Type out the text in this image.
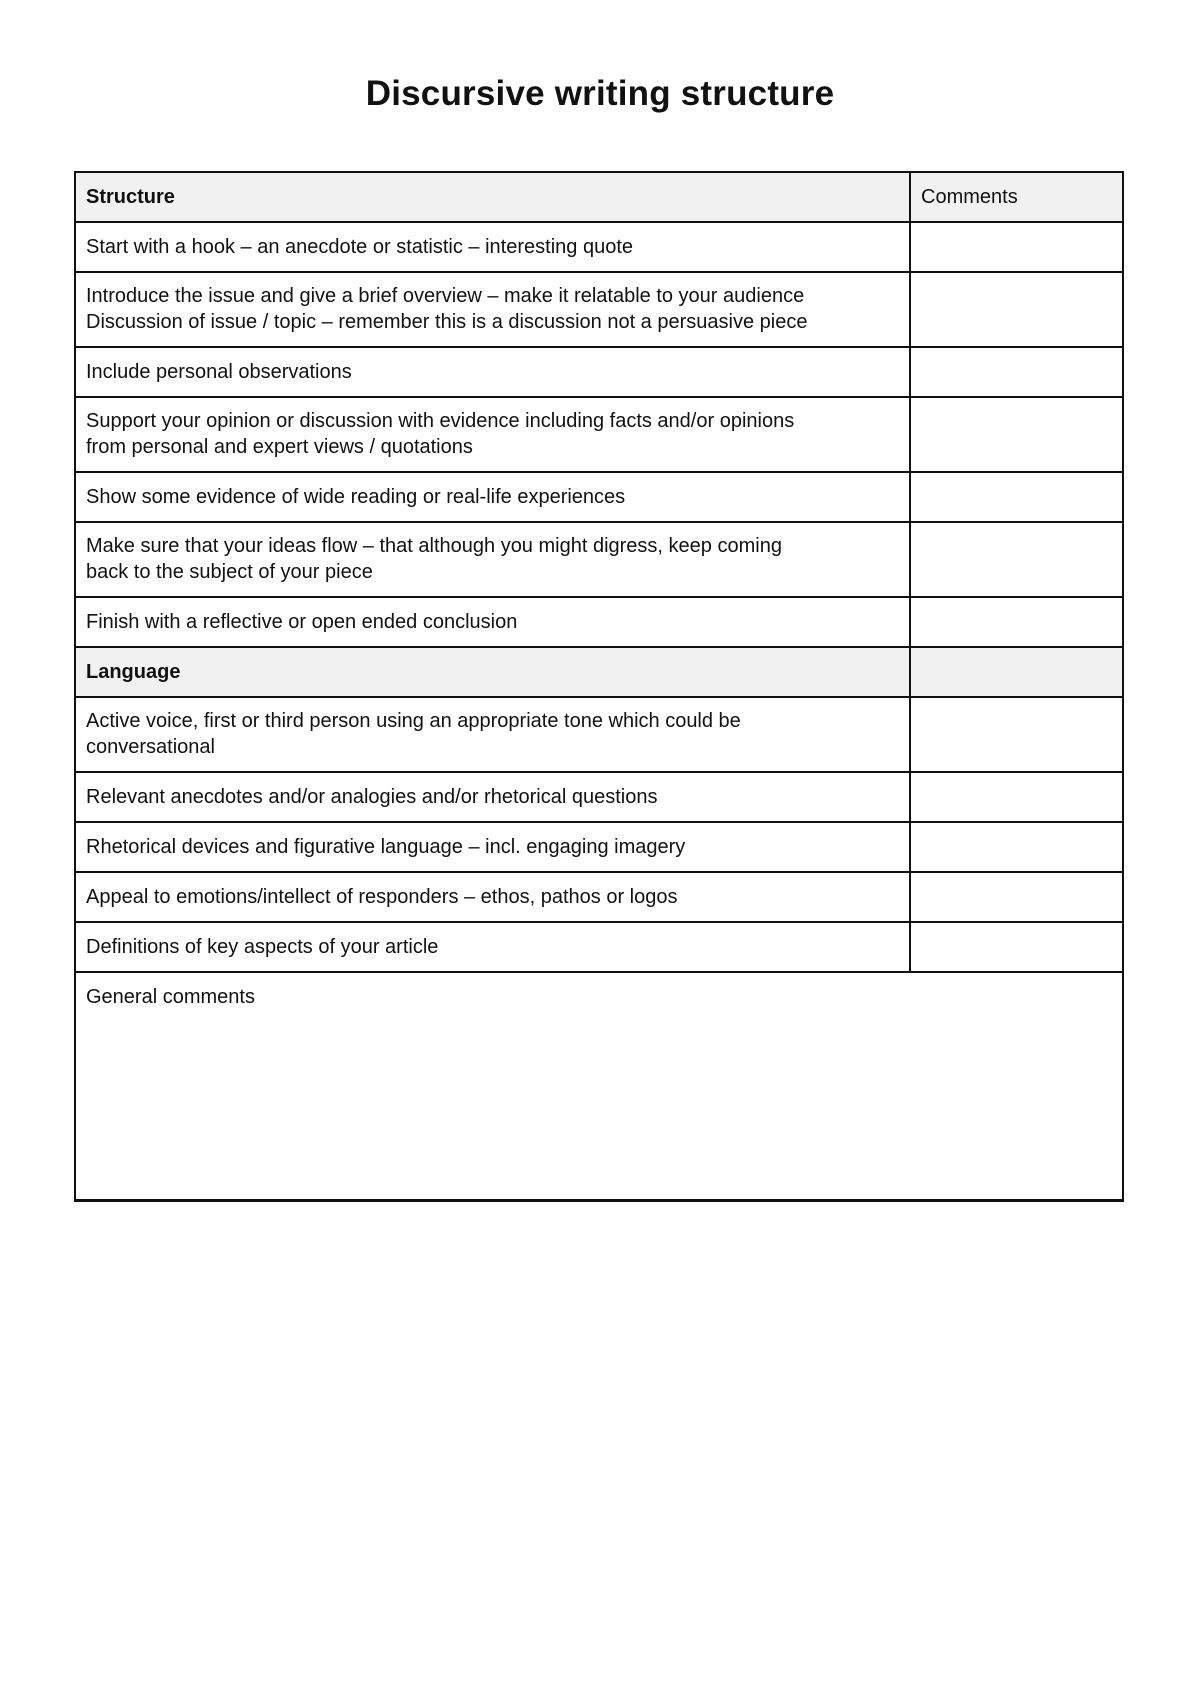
Discursive writing structure
Structure	Comments

Start with a hook – an anecdote or statistic – interesting quote	

Introduce the issue and give a brief overview – make it relatable to your audience
Discussion of issue / topic – remember this is a discussion not a persuasive piece	

Include personal observations	

Support your opinion or discussion with evidence including facts and/or opinions
from personal and expert views / quotations	

Show some evidence of wide reading or real-life experiences	

Make sure that your ideas flow – that although you might digress, keep coming
back to the subject of your piece	

Finish with a reflective or open ended conclusion	

Language	

Active voice, first or third person using an appropriate tone which could be
conversational	

Relevant anecdotes and/or analogies and/or rhetorical questions	

Rhetorical devices and figurative language – incl. engaging imagery	

Appeal to emotions/intellect of responders – ethos, pathos or logos	

Definitions of key aspects of your article	

General comments	
